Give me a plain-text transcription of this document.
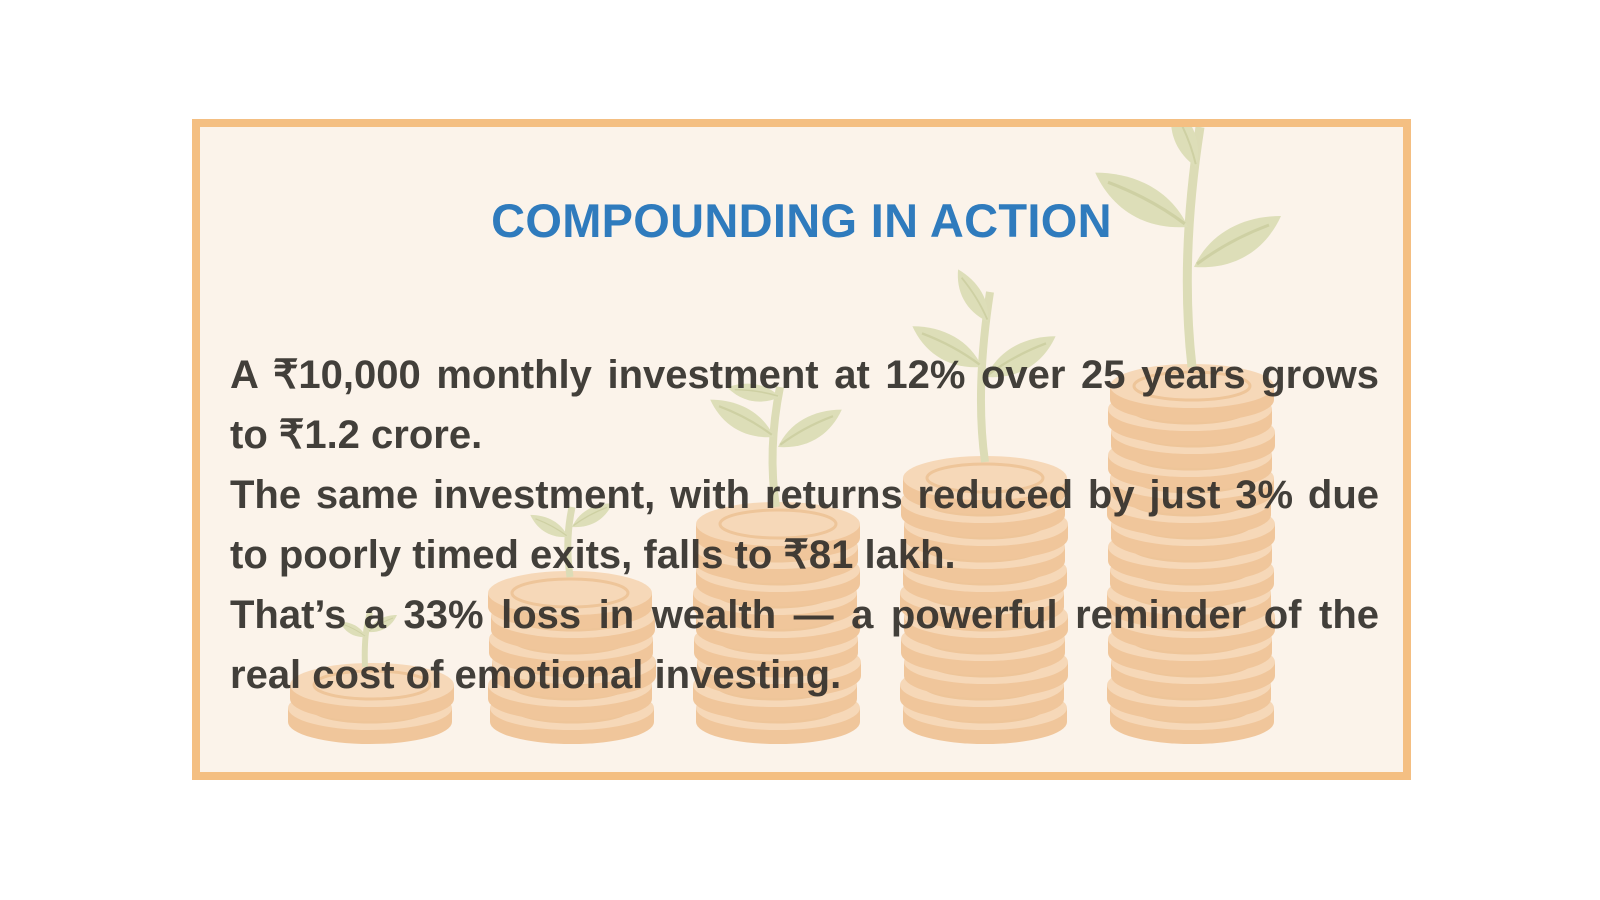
COMPOUNDING IN ACTION

A ₹10,000 monthly investment at 12% over 25 years grows to ₹1.2 crore.

The same investment, with returns reduced by just 3% due to poorly timed exits, falls to ₹81 lakh.

That’s a 33% loss in wealth — a powerful reminder of the real cost of emotional investing.
